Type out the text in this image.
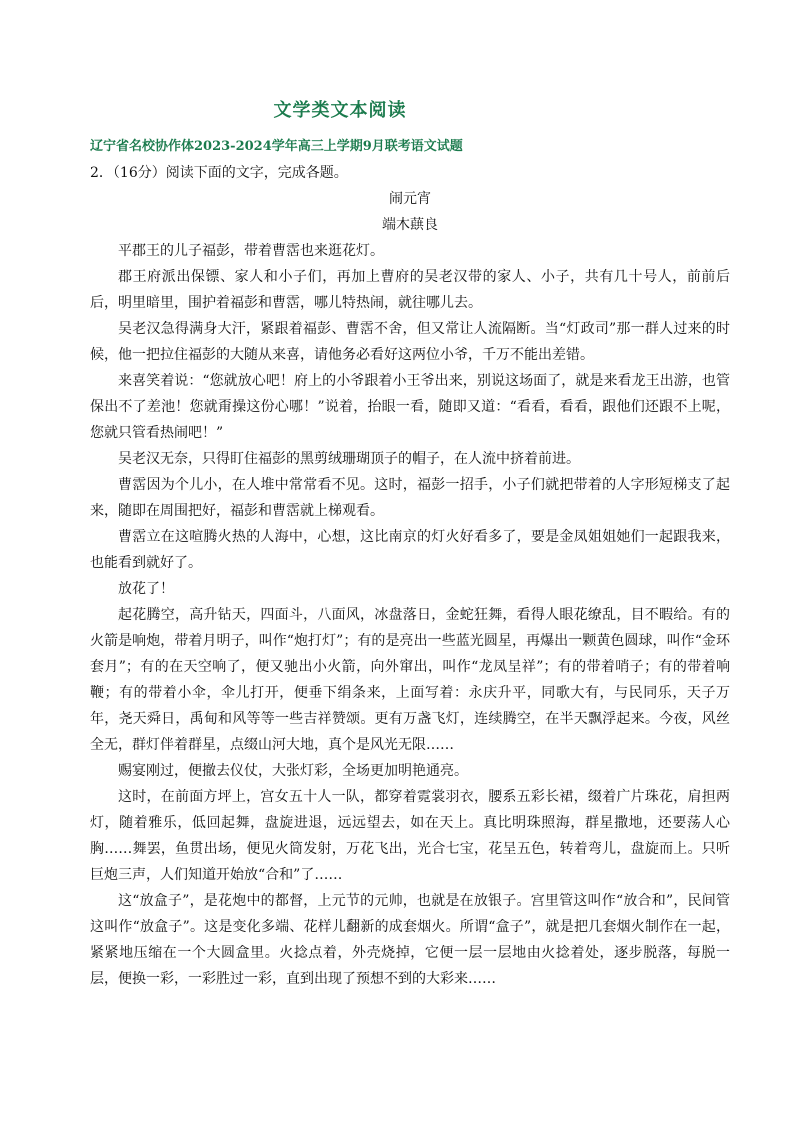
文学类文本阅读
辽宁省名校协作体2023-2024学年高三上学期9月联考语文试题

2．（16分）阅读下面的文字，完成各题。

闹元宵

端木蕻良

平郡王的儿子福彭，带着曹霑也来逛花灯。

郡王府派出保镖、家人和小子们，再加上曹府的吴老汉带的家人、小子，共有几十号人，前前后后，明里暗里，围护着福彭和曹霑，哪儿特热闹，就往哪儿去。

吴老汉急得满身大汗，紧跟着福彭、曹霑不舍，但又常让人流隔断。当“灯政司”那一群人过来的时候，他一把拉住福彭的大随从来喜，请他务必看好这两位小爷，千万不能出差错。

来喜笑着说：“您就放心吧！府上的小爷跟着小王爷出来，别说这场面了，就是来看龙王出游，也管保出不了差池！您就甭操这份心哪！”说着，抬眼一看，随即又道：“看看，看看，跟他们还跟不上呢，您就只管看热闹吧！”

吴老汉无奈，只得盯住福彭的黑剪绒珊瑚顶子的帽子，在人流中挤着前进。

曹霑因为个儿小，在人堆中常常看不见。这时，福彭一招手，小子们就把带着的人字形短梯支了起来，随即在周围把好，福彭和曹霑就上梯观看。

曹霑立在这喧腾火热的人海中，心想，这比南京的灯火好看多了，要是金凤姐姐她们一起跟我来，也能看到就好了。

放花了！

起花腾空，高升钻天，四面斗，八面风，冰盘落日，金蛇狂舞，看得人眼花缭乱，目不暇给。有的火箭是响炮，带着月明子，叫作“炮打灯”；有的是亮出一些蓝光圆星，再爆出一颗黄色圆球，叫作“金环套月”；有的在天空响了，便又驰出小火箭，向外窜出，叫作“龙凤呈祥”；有的带着哨子；有的带着响鞭；有的带着小伞，伞儿打开，便垂下绢条来，上面写着：永庆升平，同歌大有，与民同乐，天子万年，尧天舜日，禹甸和风等等一些吉祥赞颂。更有万盏飞灯，连续腾空，在半天飘浮起来。今夜，风丝全无，群灯伴着群星，点缀山河大地，真个是风光无限……

赐宴刚过，便撤去仪仗，大张灯彩，全场更加明艳通亮。

这时，在前面方坪上，宫女五十人一队，都穿着霓裳羽衣，腰系五彩长裙，缀着广片珠花，肩担两灯，随着雅乐，低回起舞，盘旋进退，远远望去，如在天上。真比明珠照海，群星撒地，还要荡人心胸……舞罢，鱼贯出场，便见火筒发射，万花飞出，光合七宝，花呈五色，转着弯儿，盘旋而上。只听巨炮三声，人们知道开始放“合和”了……

这“放盒子”，是花炮中的都督，上元节的元帅，也就是在放银子。宫里管这叫作“放合和”，民间管这叫作“放盒子”。这是变化多端、花样儿翻新的成套烟火。所谓“盒子”，就是把几套烟火制作在一起，紧紧地压缩在一个大圆盒里。火捻点着，外壳烧掉，它便一层一层地由火捻着处，逐步脱落，每脱一层，便换一彩，一彩胜过一彩，直到出现了预想不到的大彩来……
